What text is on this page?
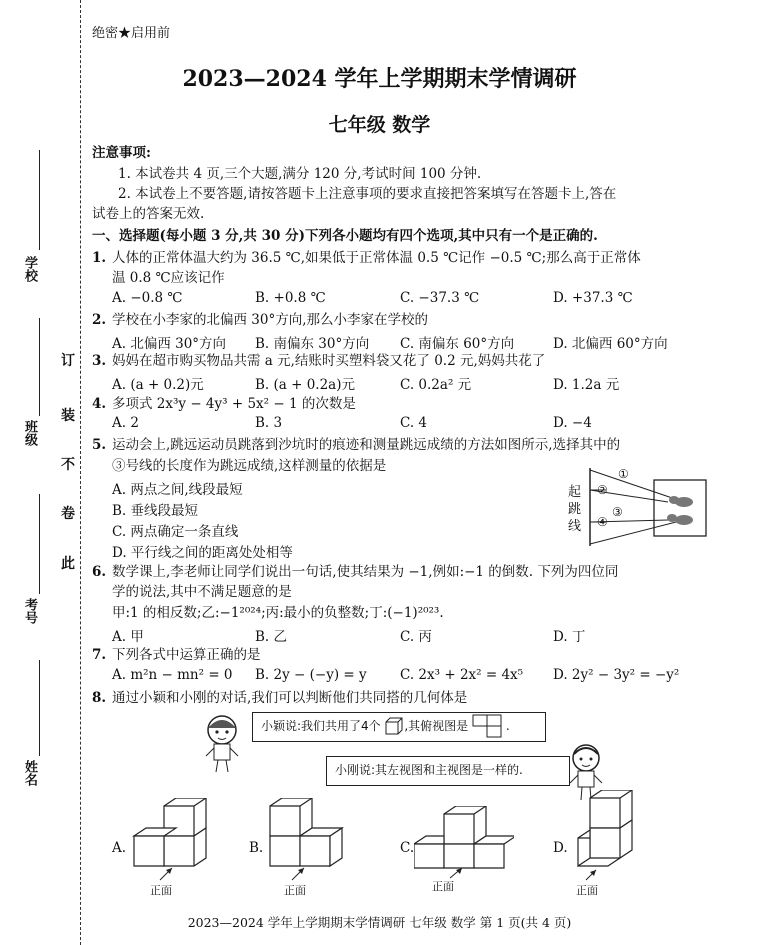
学校
班级
考号
姓名
订
装
不
卷
此
绝密★启用前
2023—2024 学年上学期期末学情调研
七年级 数学
注意事项:
1. 本试卷共 4 页,三个大题,满分 120 分,考试时间 100 分钟.
2. 本试卷上不要答题,请按答题卡上注意事项的要求直接把答案填写在答题卡上,答在
试卷上的答案无效.
一、选择题(每小题 3 分,共 30 分)下列各小题均有四个选项,其中只有一个是正确的.
1. 人体的正常体温大约为 36.5 ℃,如果低于正常体温 0.5 ℃记作 −0.5 ℃;那么高于正常体
温 0.8 ℃应该记作
A. −0.8 ℃	B. +0.8 ℃	C. −37.3 ℃	D. +37.3 ℃
2. 学校在小李家的北偏西 30°方向,那么小李家在学校的
A. 北偏西 30°方向 B. 南偏东 30°方向 C. 南偏东 60°方向	D. 北偏西 60°方向
3. 妈妈在超市购买物品共需 a 元,结账时买塑料袋又花了 0.2 元,妈妈共花了
A. (a + 0.2)元	B. (a + 0.2a)元	C. 0.2a² 元	D. 1.2a 元
4. 多项式 2x³y − 4y³ + 5x² − 1 的次数是
A. 2	B. 3	C. 4	D. −4
5. 运动会上,跳远运动员跳落到沙坑时的痕迹和测量跳远成绩的方法如图所示,选择其中的
③号线的长度作为跳远成绩,这样测量的依据是
A. 两点之间,线段最短
B. 垂线段最短
C. 两点确定一条直线
D. 平行线之间的距离处处相等
起
跳
线
①
②
③
④
6. 数学课上,李老师让同学们说出一句话,使其结果为 −1,例如:−1 的倒数. 下列为四位同
学的说法,其中不满足题意的是
甲:1 的相反数;乙:−1²⁰²⁴;丙:最小的负整数;丁:(−1)²⁰²³.
A. 甲	B. 乙	C. 丙	D. 丁
7. 下列各式中运算正确的是
A. m²n − mn² = 0 B. 2y − (−y) = y C. 2x³ + 2x² = 4x⁵ D. 2y² − 3y² = −y²
8. 通过小颖和小刚的对话,我们可以判断他们共同搭的几何体是
小颖说:我们共用了4个 ,其俯视图是	.
小刚说:其左视图和主视图是一样的.
A.	B.	C.	D.
正面	正面	正面	正面
2023—2024 学年上学期期末学情调研 七年级 数学 第 1 页(共 4 页)
